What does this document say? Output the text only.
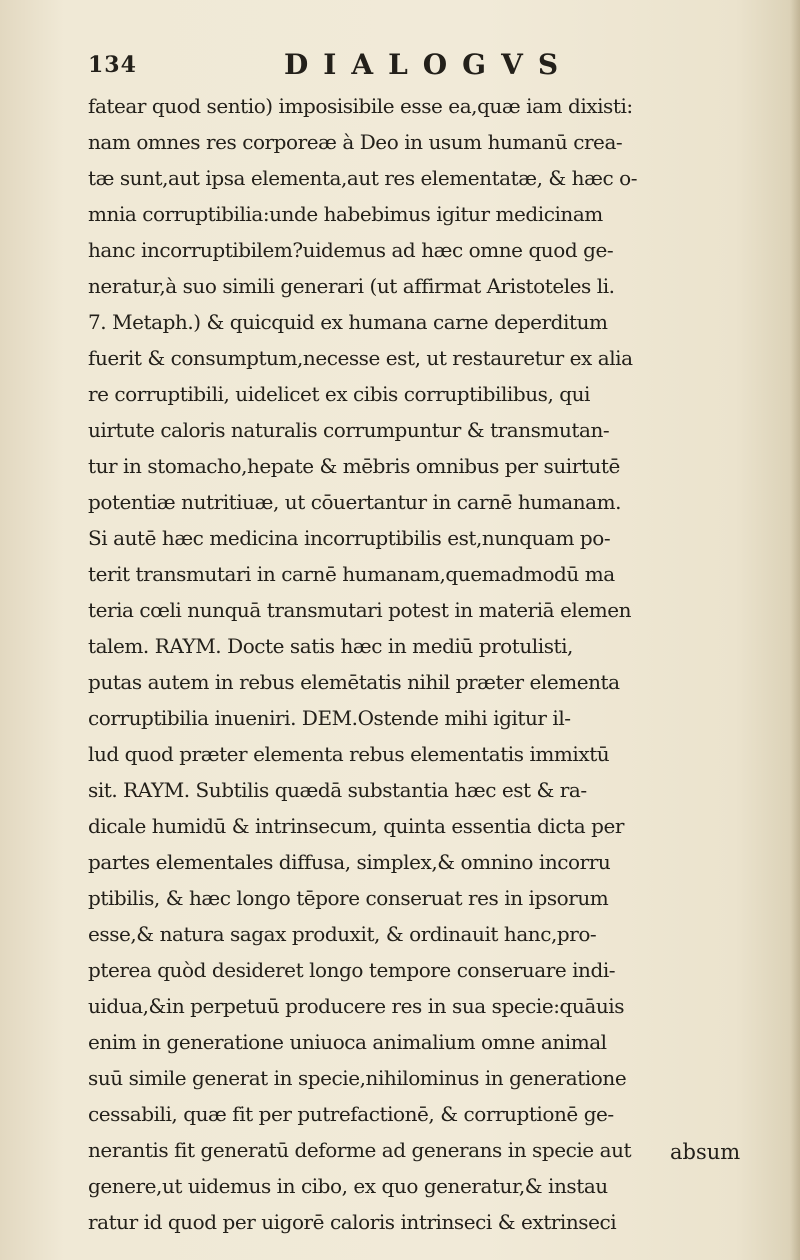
134	DIALOGVS
fatear quod sentio) imposisibile esse ea,quæ iam dixisti:
nam omnes res corporeæ à Deo in usum humanū crea-
tæ sunt,aut ipsa elementa,aut res elementatæ, & hæc o-
mnia corruptibilia:unde habebimus igitur medicinam
hanc incorruptibilem?uidemus ad hæc omne quod ge-
neratur,à suo simili generari (ut affirmat Aristoteles li.
7. Metaph.) & quicquid ex humana carne deperditum
fuerit & consumptum,necesse est, ut restauretur ex alia
re corruptibili, uidelicet ex cibis corruptibilibus, qui
uirtute caloris naturalis corrumpuntur & transmutan-
tur in stomacho,hepate & mēbris omnibus per suirtutē
potentiæ nutritiuæ, ut cōuertantur in carnē humanam.
Si autē hæc medicina incorruptibilis est,nunquam po-
terit transmutari in carnē humanam,quemadmodū ma
teria cœli nunquā transmutari potest in materiā elemen
talem. RAYM. Docte satis hæc in mediū protulisti,
putas autem in rebus elemētatis nihil præter elementa
corruptibilia inueniri. DEM.Ostende mihi igitur il-
lud quod præter elementa rebus elementatis immixtū
sit. RAYM. Subtilis quædā substantia hæc est & ra-
dicale humidū & intrinsecum, quinta essentia dicta per
partes elementales diffusa, simplex,& omnino incorru
ptibilis, & hæc longo tēpore conseruat res in ipsorum
esse,& natura sagax produxit, & ordinauit hanc,pro-
pterea quòd desideret longo tempore conseruare indi-
uidua,&in perpetuū producere res in sua specie:quāuis
enim in generatione uniuoca animalium omne animal
suū simile generat in specie,nihilominus in generatione
cessabili, quæ fit per putrefactionē, & corruptionē ge-
nerantis fit generatū deforme ad generans in specie aut
genere,ut uidemus in cibo, ex quo generatur,& instau
ratur id quod per uigorē caloris intrinseci & extrinseci
absum
